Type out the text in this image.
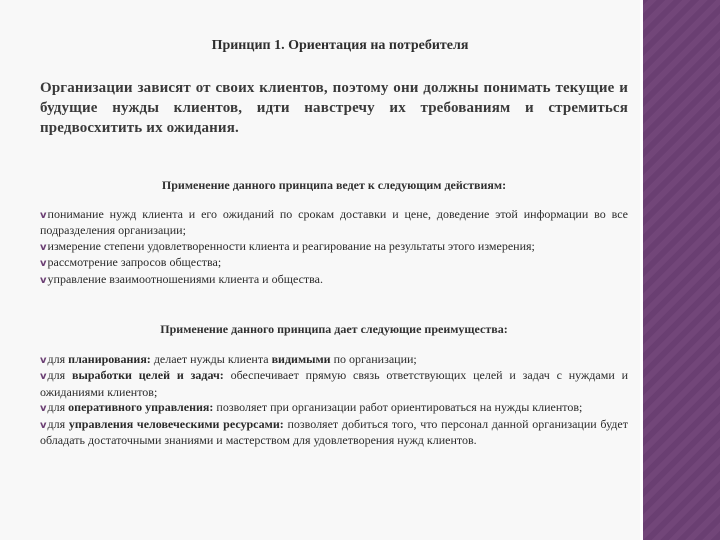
Принцип 1. Ориентация на потребителя
Организации зависят от своих клиентов, поэтому они должны понимать текущие и будущие нужды клиентов, идти навстречу их требованиям и стремиться предвосхитить их ожидания.
Применение данного принципа ведет к следующим действиям:
vпонимание нужд клиента и его ожиданий по срокам доставки и цене, доведение этой информации во все подразделения организации;
vизмерение степени удовлетворенности клиента и реагирование на результаты этого измерения;
vрассмотрение запросов общества;
vуправление взаимоотношениями клиента и общества.
Применение данного принципа дает следующие преимущества:
vдля планирования: делает нужды клиента видимыми по организации;
vдля выработки целей и задач: обеспечивает прямую связь ответствующих целей и задач с нуждами и ожиданиями клиентов;
vдля оперативного управления: позволяет при организации работ ориентироваться на нужды клиентов;
vдля управления человеческими ресурсами: позволяет добиться того, что персонал данной организации будет обладать достаточными знаниями и мастерством для удовлетворения нужд клиентов.
